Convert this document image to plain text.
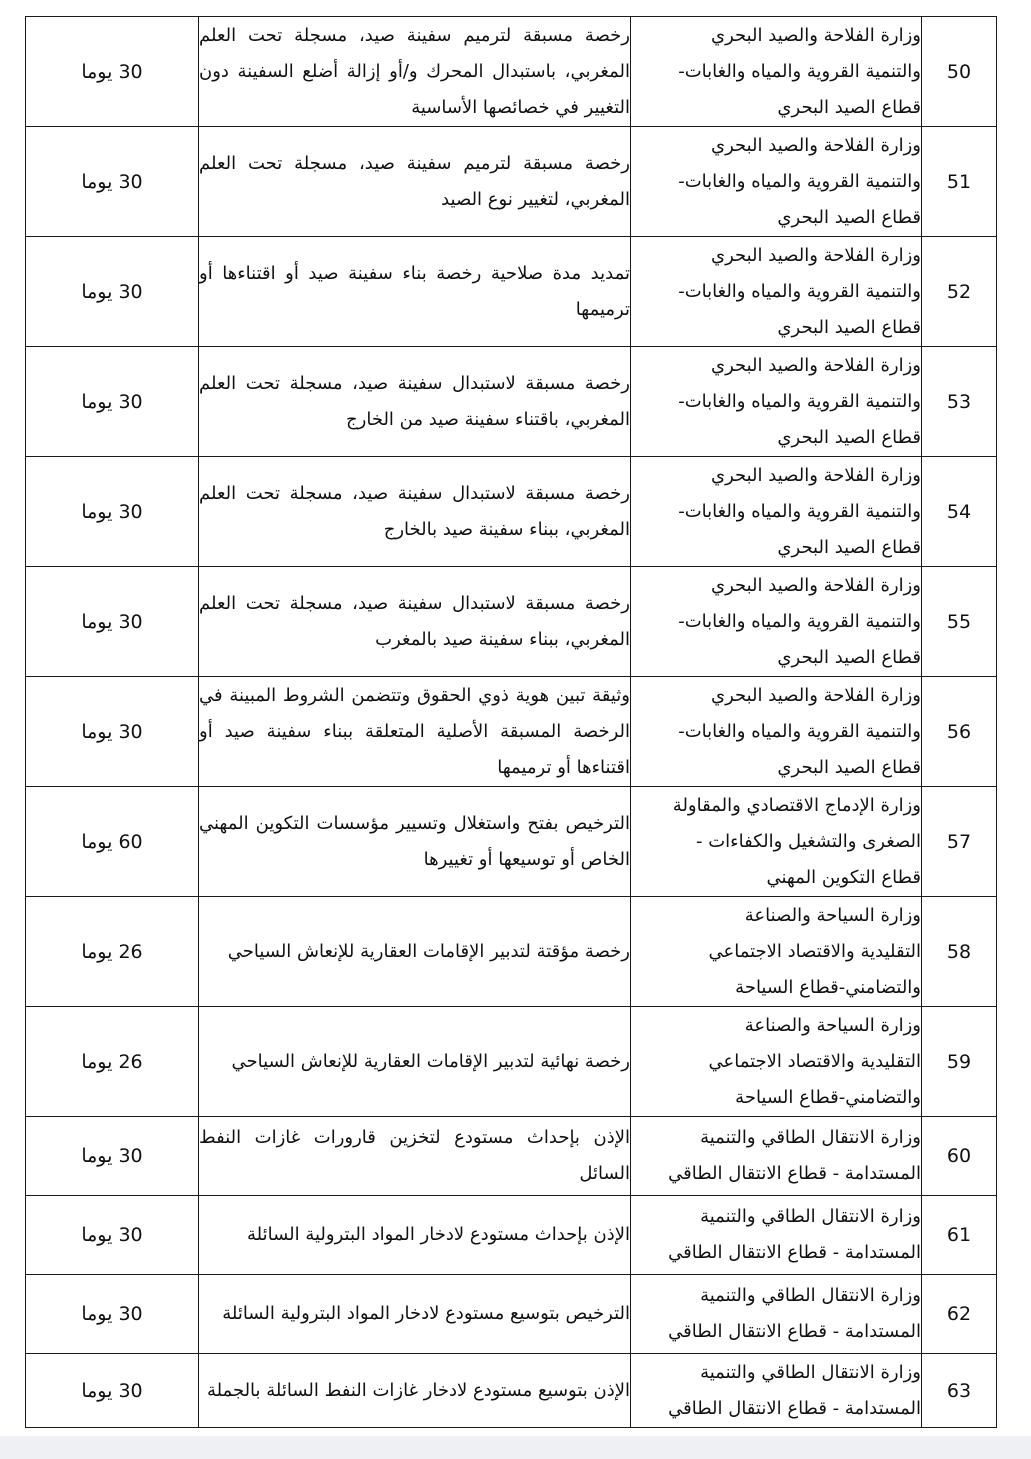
50	وزارة الفلاحة والصيد البحري
والتنمية القروية والمياه والغابات-
قطاع الصيد البحري	رخصة مسبقة لترميم سفينة صيد، مسجلة تحت العلم المغربي، باستبدال المحرك و/أو إزالة أضلع السفينة دون التغيير في خصائصها الأساسية	30 يوما
51	وزارة الفلاحة والصيد البحري
والتنمية القروية والمياه والغابات-
قطاع الصيد البحري	رخصة مسبقة لترميم سفينة صيد، مسجلة تحت العلم المغربي، لتغيير نوع الصيد	30 يوما
52	وزارة الفلاحة والصيد البحري
والتنمية القروية والمياه والغابات-
قطاع الصيد البحري	تمديد مدة صلاحية رخصة بناء سفينة صيد أو اقتناءها أو ترميمها	30 يوما
53	وزارة الفلاحة والصيد البحري
والتنمية القروية والمياه والغابات-
قطاع الصيد البحري	رخصة مسبقة لاستبدال سفينة صيد، مسجلة تحت العلم المغربي، باقتناء سفينة صيد من الخارج	30 يوما
54	وزارة الفلاحة والصيد البحري
والتنمية القروية والمياه والغابات-
قطاع الصيد البحري	رخصة مسبقة لاستبدال سفينة صيد، مسجلة تحت العلم المغربي، ببناء سفينة صيد بالخارج	30 يوما
55	وزارة الفلاحة والصيد البحري
والتنمية القروية والمياه والغابات-
قطاع الصيد البحري	رخصة مسبقة لاستبدال سفينة صيد، مسجلة تحت العلم المغربي، ببناء سفينة صيد بالمغرب	30 يوما
56	وزارة الفلاحة والصيد البحري
والتنمية القروية والمياه والغابات-
قطاع الصيد البحري	وثيقة تبين هوية ذوي الحقوق وتتضمن الشروط المبينة في الرخصة المسبقة الأصلية المتعلقة ببناء سفينة صيد أو اقتناءها أو ترميمها	30 يوما
57	وزارة الإدماج الاقتصادي والمقاولة
الصغرى والتشغيل والكفاءات -
قطاع التكوين المهني	الترخيص بفتح واستغلال وتسيير مؤسسات التكوين المهني الخاص أو توسيعها أو تغييرها	60 يوما
58	وزارة السياحة والصناعة
التقليدية والاقتصاد الاجتماعي
والتضامني-قطاع السياحة	رخصة مؤقتة لتدبير الإقامات العقارية للإنعاش السياحي	26 يوما
59	وزارة السياحة والصناعة
التقليدية والاقتصاد الاجتماعي
والتضامني-قطاع السياحة	رخصة نهائية لتدبير الإقامات العقارية للإنعاش السياحي	26 يوما
60	وزارة الانتقال الطاقي والتنمية
المستدامة - قطاع الانتقال الطاقي	الإذن بإحداث مستودع لتخزين قارورات غازات النفط السائل	30 يوما
61	وزارة الانتقال الطاقي والتنمية
المستدامة - قطاع الانتقال الطاقي	الإذن بإحداث مستودع لادخار المواد البترولية السائلة	30 يوما
62	وزارة الانتقال الطاقي والتنمية
المستدامة - قطاع الانتقال الطاقي	الترخيص بتوسيع مستودع لادخار المواد البترولية السائلة	30 يوما
63	وزارة الانتقال الطاقي والتنمية
المستدامة - قطاع الانتقال الطاقي	الإذن بتوسيع مستودع لادخار غازات النفط السائلة بالجملة	30 يوما
